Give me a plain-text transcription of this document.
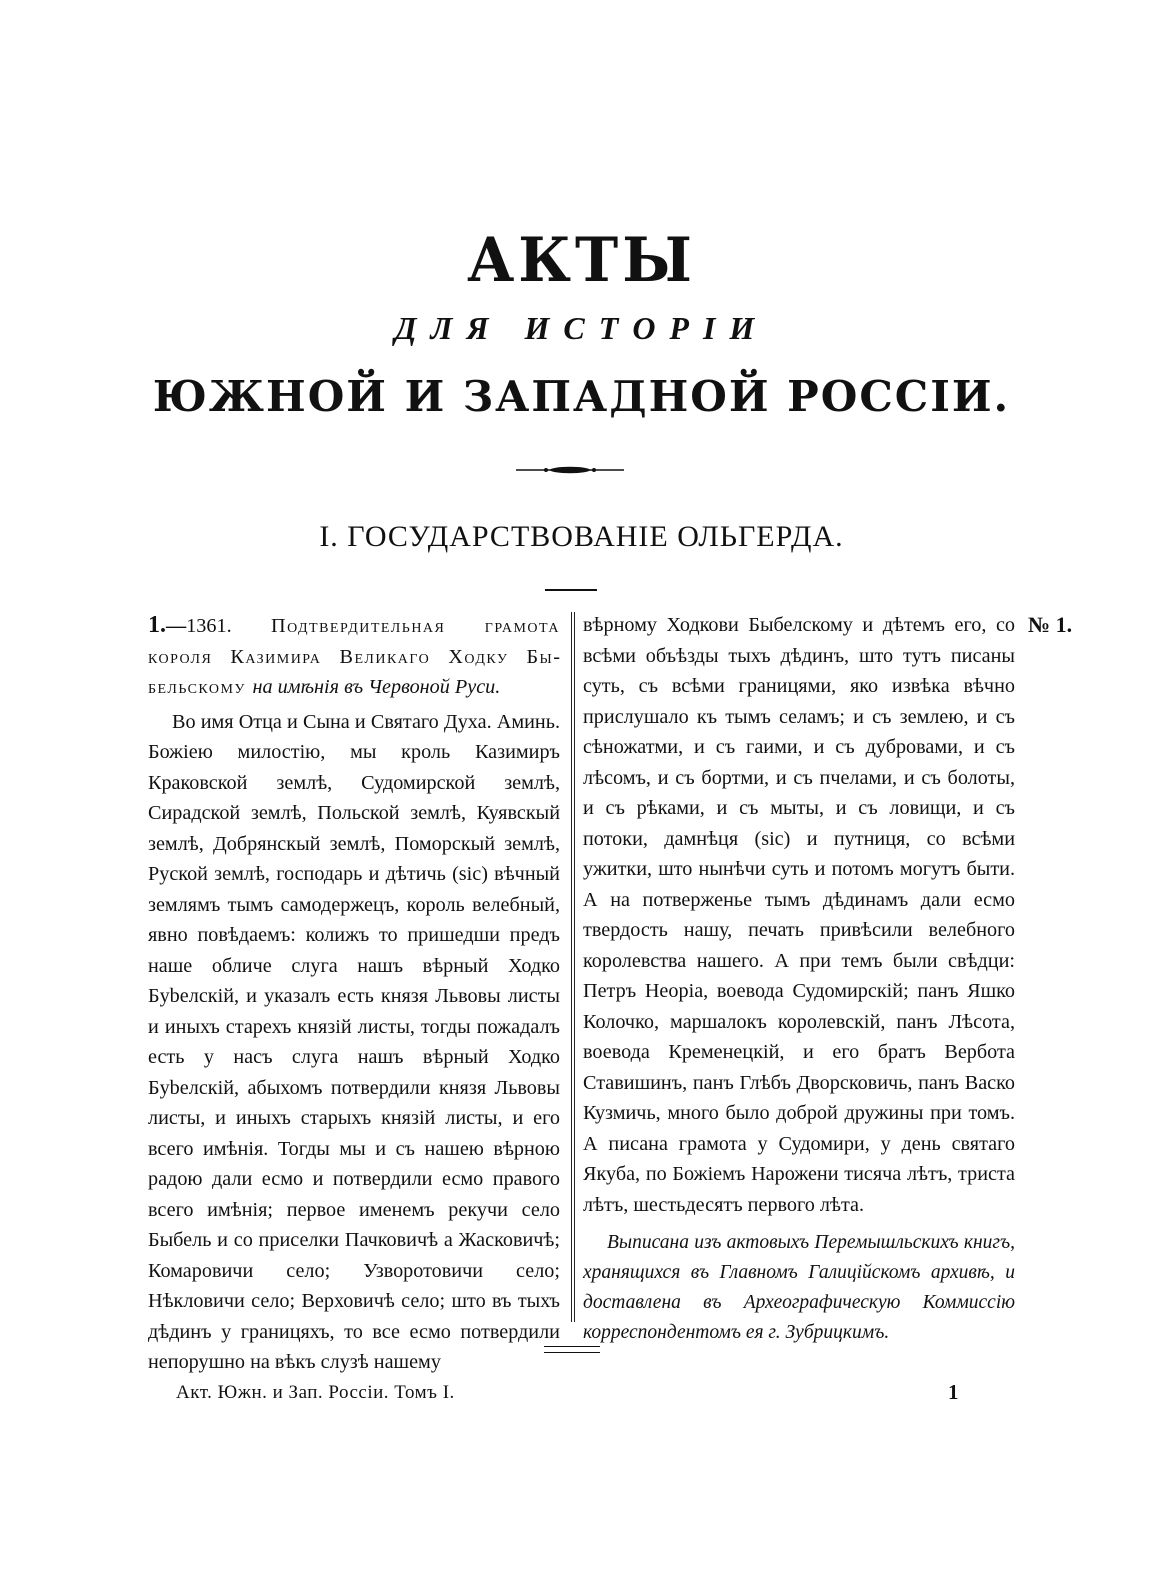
АКТЫ
ДЛЯ ИСТОРІИ
ЮЖНОЙ И ЗАПАДНОЙ РОССІИ.
I. ГОСУДАРСТВОВАНІЕ ОЛЬГЕРДА.

1.—1361. Подтвердительная грамота короля Казимира Великаго Ходку Быбельскому на имѣнія въ Червоной Руси.

Во имя Отца и Сына и Святаго Духа. Аминь. Божіею милостію, мы кроль Казимиръ Краковской землѣ, Судомирской землѣ, Сирадской землѣ, Польской землѣ, Куявскый землѣ, Добрянскый землѣ, Поморскый землѣ, Руской землѣ, господарь и дѣтичь (sic) вѣчный землямъ тымъ самодержецъ, король велебный, явно повѣдаемъ: колижъ то пришедши предъ наше обличе слуга нашъ вѣрный Ходко Бybелскій, и указалъ есть князя Львовы листы и иныхъ старехъ князій листы, тогды пожадалъ есть у насъ слуга нашъ вѣрный Ходко Бybелскій, абыхомъ потвердили князя Львовы листы, и иныхъ старыхъ князій листы, и его всего имѣнія. Тогды мы и съ нашею вѣрною радою дали есмо и потвердили есмо правого всего имѣнія; первое именемъ рекучи село Быбель и со приселки Пачковичѣ а Жасковичѣ; Комаровичи село; Узворотовичи село; Нѣкловичи село; Верховичѣ село; што въ тыхъ дѣдинъ у границяхъ, то все есмо потвердили непорушно на вѣкъ слузѣ нашему

вѣрному Ходкови Быбелскому и дѣтемъ его, со всѣми объѣзды тыхъ дѣдинъ, што тутъ писаны суть, съ всѣми границями, яко извѣка вѣчно прислушало къ тымъ селамъ; и съ землею, и съ сѣножатми, и съ гаими, и съ дубровами, и съ лѣсомъ, и съ бортми, и съ пчелами, и съ болоты, и съ рѣками, и съ мыты, и съ ловищи, и съ потоки, дамнѣця (sic) и путниця, со всѣми ужитки, што нынѣчи суть и потомъ могутъ быти. А на потверженье тымъ дѣдинамъ дали есмо твердость нашу, печать привѣсили велебного королевства нашего. А при темъ были свѣдци: Петръ Неоріа, воевода Судомирскій; панъ Яшко Колочко, маршалокъ королевскій, панъ Лѣсота, воевода Кременецкій, и его братъ Вербота Ставишинъ, панъ Глѣбъ Дворсковичь, панъ Васко Кузмичь, много было доброй дружины при томъ. А писана грамота у Судомири, у день святаго Якуба, по Божіемъ Нарожени тисяча лѣтъ, триста лѣтъ, шестьдесятъ первого лѣта.

Выписана изъ актовыхъ Перемышльскихъ книгъ, хранящихся въ Главномъ Галиційскомъ архивѣ, и доставлена въ Археографическую Коммиссію корреспондентомъ ея г. Зубрицкимъ.

№ 1.
Акт. Южн. и Зап. Россіи. Томъ I.	1
